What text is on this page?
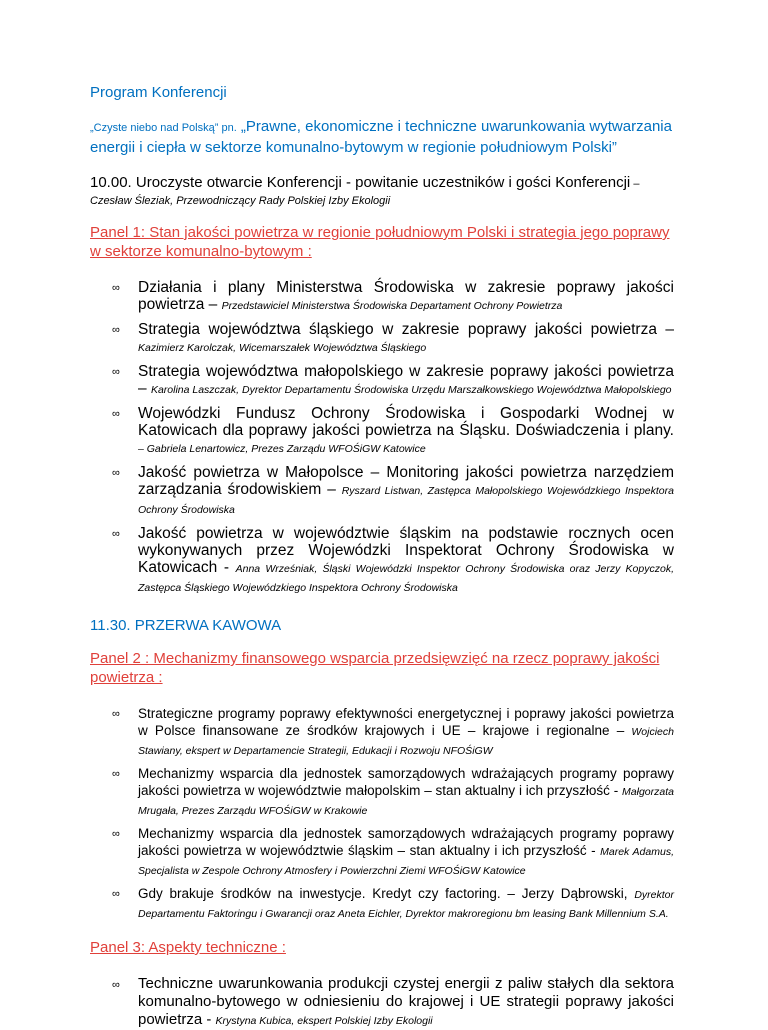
Program Konferencji

„Czyste niebo nad Polską” pn. „Prawne, ekonomiczne i techniczne uwarunkowania wytwarzania energii i ciepła w sektorze komunalno-bytowym w regionie południowym Polski”
10.00. Uroczyste otwarcie Konferencji - powitanie uczestników i gości Konferencji –
Czesław Śleziak, Przewodniczący Rady Polskiej Izby Ekologii
Panel 1: Stan jakości powietrza w regionie południowym Polski i strategia jego poprawy w sektorze komunalno-bytowym :
∞ Działania i plany Ministerstwa Środowiska w zakresie poprawy jakości powietrza – Przedstawiciel Ministerstwa Środowiska Departament Ochrony Powietrza
∞ Strategia województwa śląskiego w zakresie poprawy jakości powietrza – Kazimierz Karolczak, Wicemarszałek Województwa Śląskiego
∞ Strategia województwa małopolskiego w zakresie poprawy jakości powietrza – Karolina Laszczak, Dyrektor Departamentu Środowiska Urzędu Marszałkowskiego Województwa Małopolskiego
∞ Wojewódzki Fundusz Ochrony Środowiska i Gospodarki Wodnej w Katowicach dla poprawy jakości powietrza na Śląsku. Doświadczenia i plany. – Gabriela Lenartowicz, Prezes Zarządu WFOŚiGW Katowice
∞ Jakość powietrza w Małopolsce – Monitoring jakości powietrza narzędziem zarządzania środowiskiem – Ryszard Listwan, Zastępca Małopolskiego Wojewódzkiego Inspektora Ochrony Środowiska
∞ Jakość powietrza w województwie śląskim na podstawie rocznych ocen wykonywanych przez Wojewódzki Inspektorat Ochrony Środowiska w Katowicach - Anna Wrześniak, Śląski Wojewódzki Inspektor Ochrony Środowiska oraz Jerzy Kopyczok, Zastępca Śląskiego Wojewódzkiego Inspektora Ochrony Środowiska
11.30. PRZERWA KAWOWA
Panel 2 : Mechanizmy finansowego wsparcia przedsięwzięć na rzecz poprawy jakości powietrza :
∞ Strategiczne programy poprawy efektywności energetycznej i poprawy jakości powietrza w Polsce finansowane ze środków krajowych i UE – krajowe i regionalne – Wojciech Stawiany, ekspert w Departamencie Strategii, Edukacji i Rozwoju NFOŚiGW
∞ Mechanizmy wsparcia dla jednostek samorządowych wdrażających programy poprawy jakości powietrza w województwie małopolskim – stan aktualny i ich przyszłość - Małgorzata Mrugała, Prezes Zarządu WFOŚiGW w Krakowie
∞ Mechanizmy wsparcia dla jednostek samorządowych wdrażających programy poprawy jakości powietrza w województwie śląskim – stan aktualny i ich przyszłość - Marek Adamus, Specjalista w Zespole Ochrony Atmosfery i Powierzchni Ziemi WFOŚiGW Katowice
∞ Gdy brakuje środków na inwestycje. Kredyt czy factoring. – Jerzy Dąbrowski, Dyrektor Departamentu Faktoringu i Gwarancji oraz Aneta Eichler, Dyrektor makroregionu bm leasing Bank Millennium S.A.
Panel 3: Aspekty techniczne :
∞ Techniczne uwarunkowania produkcji czystej energii z paliw stałych dla sektora komunalno-bytowego w odniesieniu do krajowej i UE strategii poprawy jakości powietrza - Krystyna Kubica, ekspert Polskiej Izby Ekologii
